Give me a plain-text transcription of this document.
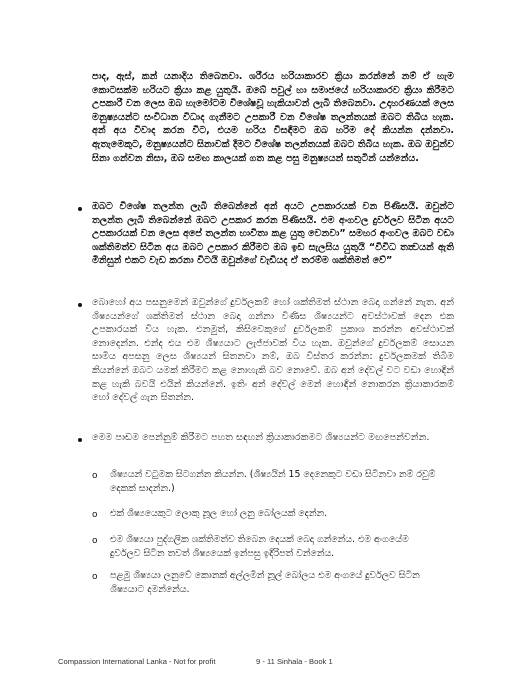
පාද, ඇස්, කන් යනාදිය තිබෙනවා. ශරීරය හරියාකාරව ක්‍රියා කරන්නේ නම් ඒ හැම කොටසක්ම හරියට ක්‍රියා කළ යුතුයි. ඔබේ පවුල් හා සමාජයේ හරියාකාරව ක්‍රියා කිරීමට උපකාරී වන ලෙස ඔබ හැමෝටම විශේෂවූ හැකියාවන් ලැබී තිබෙනවා. උදාහරණයක් ලෙස මනුෂ්‍යයන්ට සංවිධාන විධාද ගැනීමට උපකාරී වන විශේෂ තලන්තයක් ඔබට තිබිය හැක. අන් අය විවාද කරන විට, එයම හරිය විසඳීමට ඔබ හරිම දේ කියන්න දන්නවා. ඇතැමෙකුට, මනුෂ්‍යයන්ට සිනාවක් දීමට විශේෂ තලන්තයක් ඔබට තිබිය හැක. ඔබ ඔවුන්ව සිනා ගන්වන නිසා, ඔබ සමඟ කාලයක් ගත කළ පසු මනුෂ්‍යයන් සතුටින් යන්නේය.

ඔබට විශේෂ තලන්ත ලැබී තිබෙන්නේ අන් අයට උපකාරයක් වන පිණිසයි. ඔවුන්ට තලන්ත ලැබී තිබෙන්නේ ඔබට උපකාර කරන පිණිසයි. එම අංගවල දුර්වලව සිටින අයට උපකාරයක් වන ලෙස අපේ තලන්ත භාවිතා කළ යුතු වෙනවා” සමහර අංගවල ඔබට වඩා ශක්තිමත්ව සිටින අය ඔබට උපකාර කිරීමට ඔබ ඉඩ සැලසිය යුතුයි “විවිධ තත්‍වයන් ඇති මිනිසුන් එකට වැඩ කරනා විටයි ඔවුන්ගේ වැඩියද ඒ තරම්ම ශක්තිමත් වේ”

බොහෝ අය පසනුමෙන් ඔවුන්ගේ දුර්වලකම් හෝ ශක්තිමත් ස්ථාන බෙදා ගන්නේ නැත. අන් ශිෂ්‍යයන්ගේ ශක්තිමත් ස්ථාන බෙදා ගන්නා විණිස ශිෂ්‍යයන්ට අවස්ථාවක් දෙන එක උපකාරයක් විය හැක. එනමුත්, කිසිවෙකුගේ දුර්වලකම් ප්‍රකාශ කරන්න අවස්ථාවක් නොදෙන්න. එන්ද එය එම ශිෂ්‍යයාට ලැජ්ජාවක් විය හැක. ඔවුන්ගේ දුර්වලකම් සොයන සාමිය අපසනු ලෙස ශිෂ්‍යයන් සිතනවා නම්, ඔබ විස්තර කරන්න: දුර්වලකමක් තිබීම කියන්නේ ඔබට යමක් කිරීමට කළ නොහැකි බව නොවේ. ඔබ අන් දේවල් වට වඩා හොඳින් කළ හැකි බවයි එයින් කියන්නේ. ඉතිං අන් දේවල් මෙන් හොඳින් නොකරන ක්‍රියාකාරකම් හෝ දේවල් ගැන සිතන්න.

මෙම පාඩම පෙන්නුම් කිරීමට පහත සඳහන් ක්‍රියාකාරකමට ශිෂ්‍යයන්ට මඟපෙන්වන්න.

o ශිෂ්‍යයන් වටුමක සිටගන්න කියන්න. (ශිෂ්‍යයින් 15 දෙනෙකුට වඩා සිටිනවා නම් රවුම් දෙකක් සාදන්න.)

o එක් ශිෂ්‍යයෙකුට ලොකු නූල හෝ ලනු බෝලයක් දෙන්න.

o එම ශිෂ්‍යයා පුද්ගලික ශක්තිමත්ව තිබෙන දෙයක් බෙදා ගන්නේය. එම අංගයේම දුර්වලව සිටින තවත් ශිෂ්‍යයෙක් ඉන්පසු ඉදිරිපත් වන්නේය.

o පළමු ශිෂ්‍යයා ලනුවේ කොනක් අල්ලමින් නූල් බෝලය එම අංගයේ දුර්වලව සිටින ශිෂ්‍යයාට දමන්නේය.

Compassion International Lanka - Not for profit	9 - 11 Sinhala - Book 1
